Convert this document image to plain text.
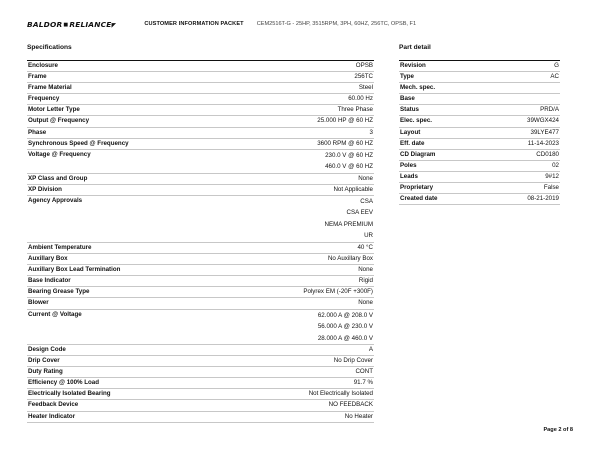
BALDOR■RELIANCE◤	CUSTOMER INFORMATION PACKET CEM2516T-G - 25HP, 3515RPM, 3PH, 60HZ, 256TC, OPSB, F1
Specifications
Enclosure	OPSB
Frame	256TC
Frame Material	Steel
Frequency	60.00 Hz
Motor Letter Type	Three Phase
Output @ Frequency	25.000 HP @ 60 HZ
Phase	3
Synchronous Speed @ Frequency	3600 RPM @ 60 HZ
Voltage @ Frequency	230.0 V @ 60 HZ
460.0 V @ 60 HZ

XP Class and Group	None
XP Division	Not Applicable
Agency Approvals	CSA
CSA EEV
NEMA PREMIUM
UR

Ambient Temperature	40 °C
Auxillary Box	No Auxillary Box
Auxillary Box Lead Termination	None
Base Indicator	Rigid
Bearing Grease Type	Polyrex EM (-20F +300F)
Blower	None
Current @ Voltage	62.000 A @ 208.0 V
56.000 A @ 230.0 V
28.000 A @ 460.0 V

Design Code	A
Drip Cover	No Drip Cover
Duty Rating	CONT
Efficiency @ 100% Load	91.7 %
Electrically Isolated Bearing	Not Electrically Isolated
Feedback Device	NO FEEDBACK
Heater Indicator	No Heater
Part detail
Revision	G
Type	AC
Mech. spec.	
Base	
Status	PRD/A
Elec. spec.	39WGX424
Layout	39LYE477
Eff. date	11-14-2023
CD Diagram	CD0180
Poles	02
Leads	9#12
Proprietary	False
Created date	08-21-2019
Page 2 of 8
